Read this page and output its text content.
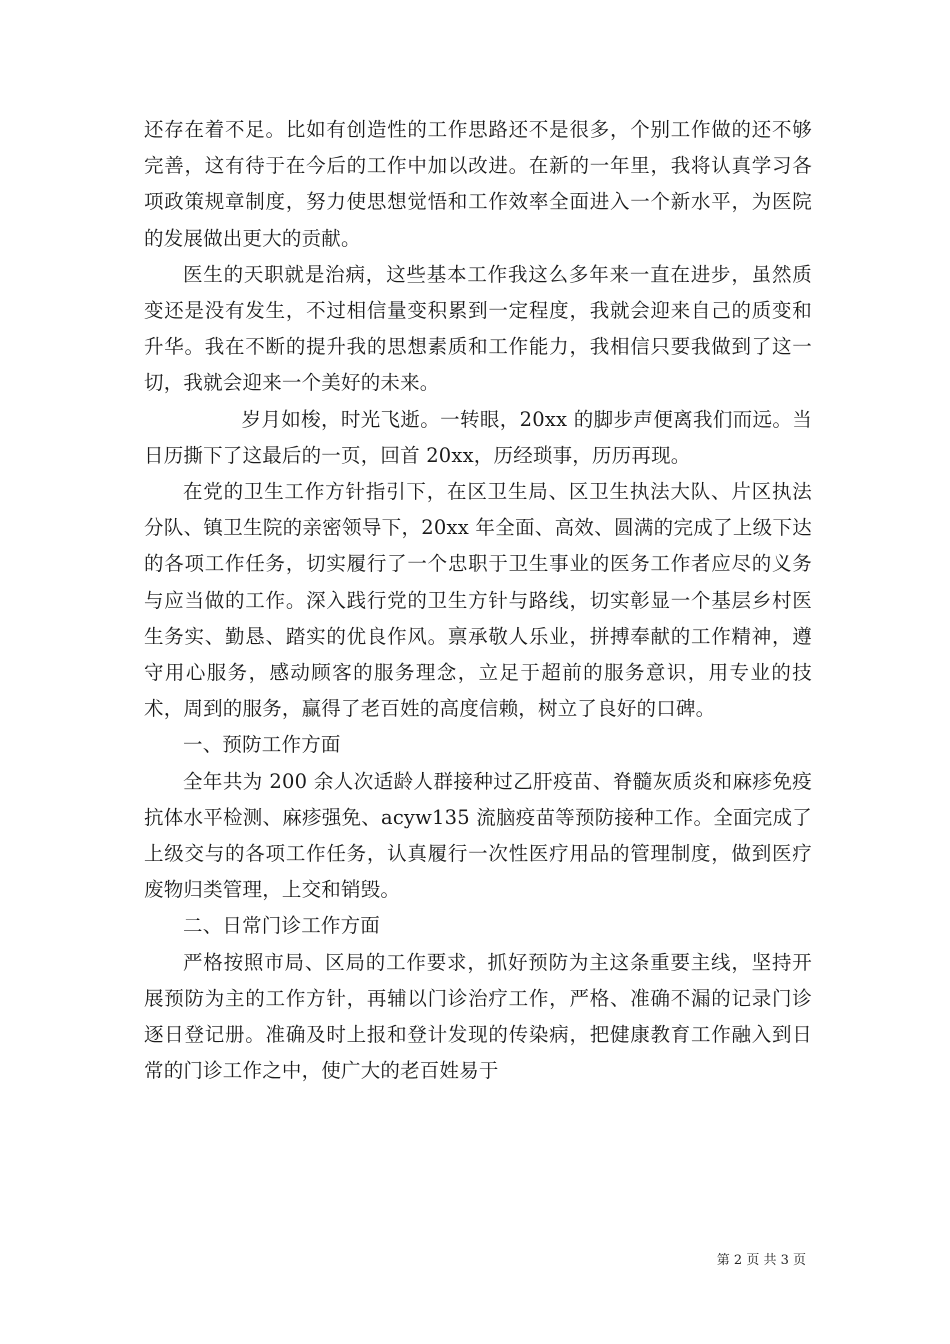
还存在着不足。比如有创造性的工作思路还不是很多，个别工作做的还不够完善，这有待于在今后的工作中加以改进。在新的一年里，我将认真学习各项政策规章制度，努力使思想觉悟和工作效率全面进入一个新水平，为医院的发展做出更大的贡献。

医生的天职就是治病，这些基本工作我这么多年来一直在进步，虽然质变还是没有发生，不过相信量变积累到一定程度，我就会迎来自己的质变和升华。我在不断的提升我的思想素质和工作能力，我相信只要我做到了这一切，我就会迎来一个美好的未来。

岁月如梭，时光飞逝。一转眼，20xx 的脚步声便离我们而远。当日历撕下了这最后的一页，回首 20xx，历经琐事，历历再现。

在党的卫生工作方针指引下，在区卫生局、区卫生执法大队、片区执法分队、镇卫生院的亲密领导下，20xx 年全面、高效、圆满的完成了上级下达的各项工作任务，切实履行了一个忠职于卫生事业的医务工作者应尽的义务与应当做的工作。深入践行党的卫生方针与路线，切实彰显一个基层乡村医生务实、勤恳、踏实的优良作风。禀承敬人乐业，拼搏奉献的工作精神，遵守用心服务，感动顾客的服务理念，立足于超前的服务意识，用专业的技术，周到的服务，赢得了老百姓的高度信赖，树立了良好的口碑。

一、预防工作方面

全年共为 200 余人次适龄人群接种过乙肝疫苗、脊髓灰质炎和麻疹免疫抗体水平检测、麻疹强免、acyw135 流脑疫苗等预防接种工作。全面完成了上级交与的各项工作任务，认真履行一次性医疗用品的管理制度，做到医疗废物归类管理，上交和销毁。

二、日常门诊工作方面

严格按照市局、区局的工作要求，抓好预防为主这条重要主线，坚持开展预防为主的工作方针，再辅以门诊治疗工作，严格、准确不漏的记录门诊逐日登记册。准确及时上报和登计发现的传染病，把健康教育工作融入到日常的门诊工作之中，使广大的老百姓易于

第 2 页 共 3 页
